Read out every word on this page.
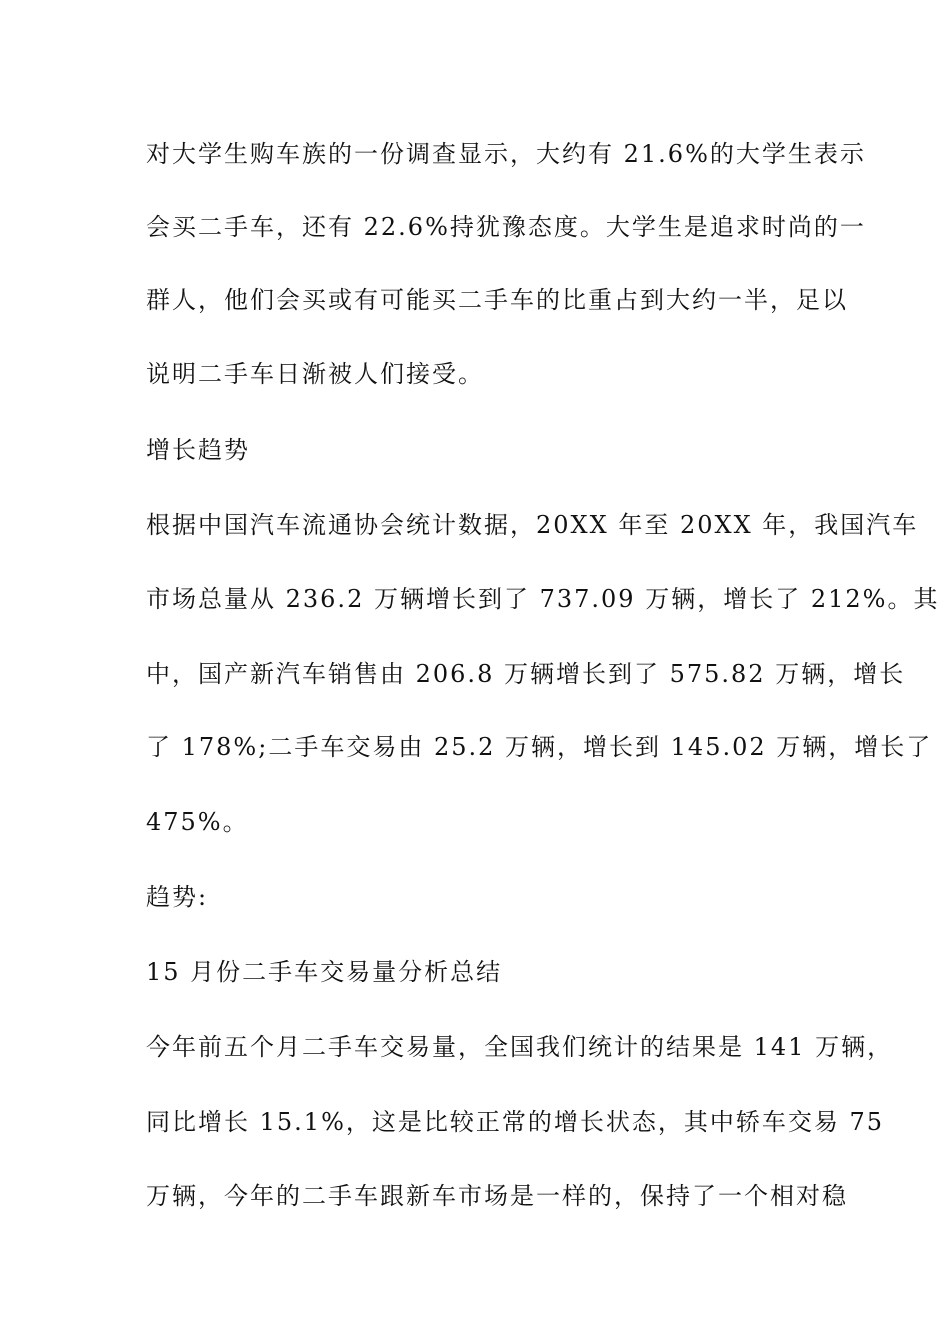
对大学生购车族的一份调查显示，大约有 21.6%的大学生表示
会买二手车，还有 22.6%持犹豫态度。大学生是追求时尚的一
群人，他们会买或有可能买二手车的比重占到大约一半，足以
说明二手车日渐被人们接受。
增长趋势
根据中国汽车流通协会统计数据，20XX 年至 20XX 年，我国汽车
市场总量从 236.2 万辆增长到了 737.09 万辆，增长了 212%。其
中，国产新汽车销售由 206.8 万辆增长到了 575.82 万辆，增长
了 178%;二手车交易由 25.2 万辆，增长到 145.02 万辆，增长了
475%。
趋势:
15 月份二手车交易量分析总结
今年前五个月二手车交易量，全国我们统计的结果是 141 万辆，
同比增长 15.1%，这是比较正常的增长状态，其中轿车交易 75
万辆，今年的二手车跟新车市场是一样的，保持了一个相对稳
